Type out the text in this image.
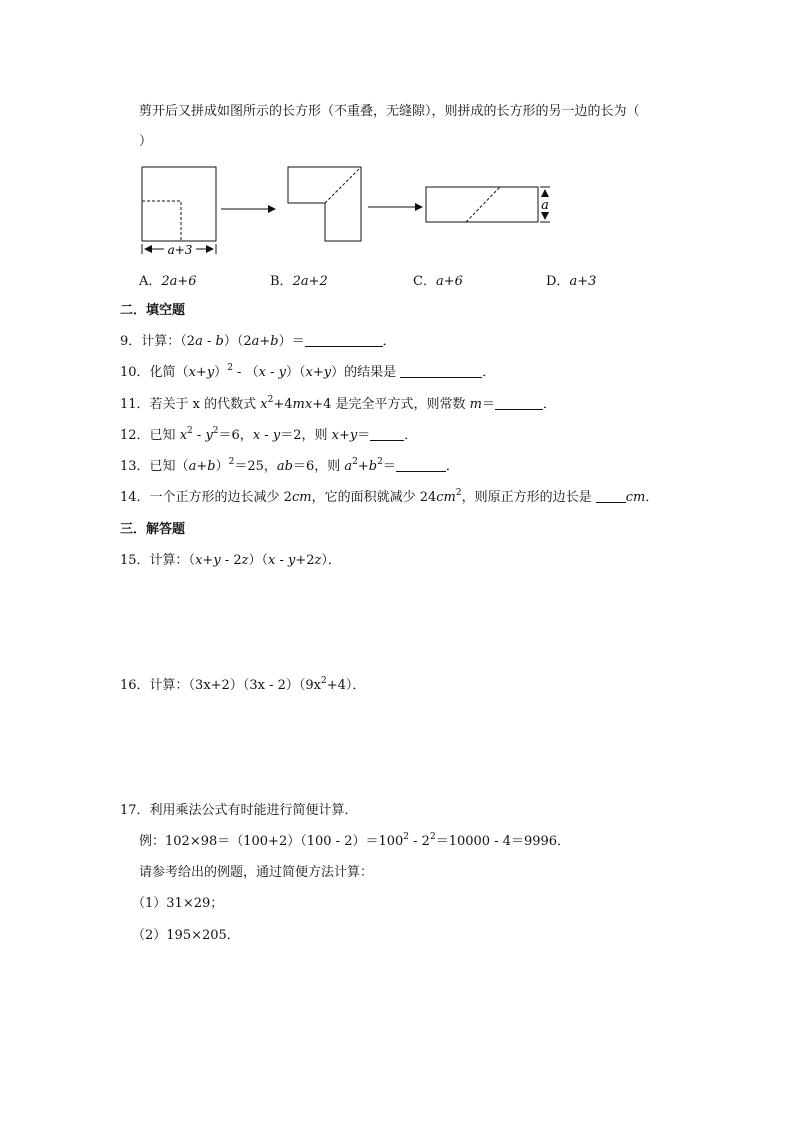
剪开后又拼成如图所示的长方形（不重叠，无缝隙），则拼成的长方形的另一边的长为（
）
a+3
a
A．2a+6	B．2a+2	C．a+6	D．a+3
二．填空题
9．计算：（2a - b）（2a+b）＝	．
10．化简$(x+y)^2 - (x - y)(x+y)$的结果是	．
11．若关于 x 的代数式 $x^2+4mx+4$ 是完全平方式，则常数 m＝	．
12．已知 $x^2 - y^2=6$，x - y＝2，则 x+y＝	．
13．已知$(a+b)^2=25$，ab＝6，则 $a^2+b^2=$	．
14．一个正方形的边长减少 2cm，它的面积就减少 $24cm^2$，则原正方形的边长是 cm．
三．解答题
15．计算：（x+y - 2z）（x - y+2z）．
16．计算：$(3x+2)(3x - 2)(9x^2+4)$．
17．利用乘法公式有时能进行简便计算．
例：$102\times 98=(100+2)(100 - 2)=100^2 - 2^2=10000 - 4=9996$．
请参考给出的例题，通过简便方法计算：
（1）31×29；
（2）195×205．
